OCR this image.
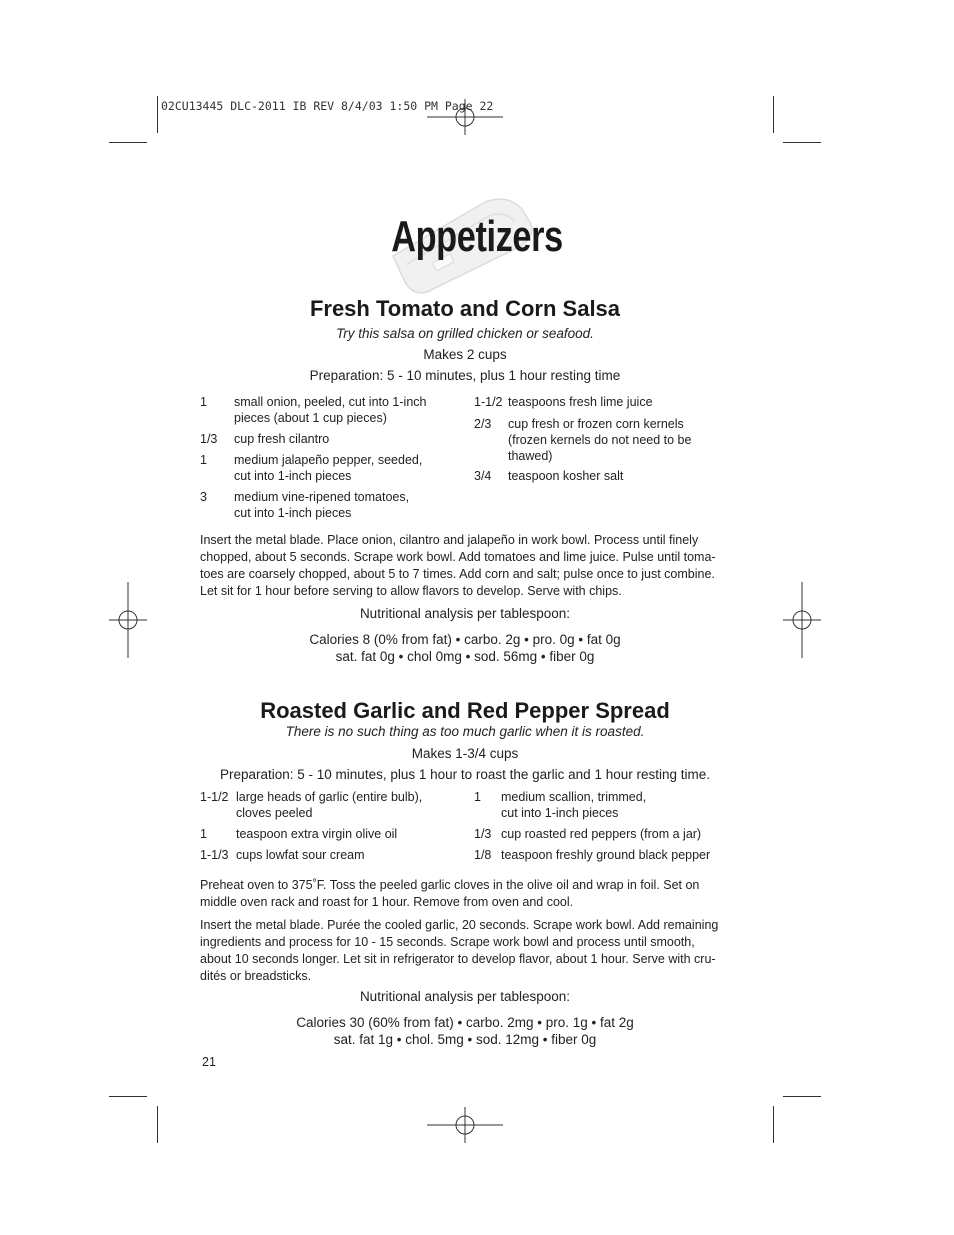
02CU13445 DLC-2011 IB REV 8/4/03 1:50 PM Page 22
Appetizers
Fresh Tomato and Corn Salsa
Try this salsa on grilled chicken or seafood.
Makes 2 cups
Preparation: 5 - 10 minutes, plus 1 hour resting time
1 small onion, peeled, cut into 1-inch
pieces (about 1 cup pieces)
1/3 cup fresh cilantro
1 medium jalapeño pepper, seeded,
cut into 1-inch pieces
3 medium vine-ripened tomatoes,
cut into 1-inch pieces
1-1/2 teaspoons fresh lime juice
2/3 cup fresh or frozen corn kernels
(frozen kernels do not need to be
thawed)
3/4 teaspoon kosher salt
Insert the metal blade. Place onion, cilantro and jalapeño in work bowl. Process until finely
chopped, about 5 seconds. Scrape work bowl. Add tomatoes and lime juice. Pulse until toma-
toes are coarsely chopped, about 5 to 7 times. Add corn and salt; pulse once to just combine.
Let sit for 1 hour before serving to allow flavors to develop. Serve with chips.
Nutritional analysis per tablespoon:
Calories 8 (0% from fat) • carbo. 2g • pro. 0g • fat 0g
sat. fat 0g • chol 0mg • sod. 56mg • fiber 0g
Roasted Garlic and Red Pepper Spread
There is no such thing as too much garlic when it is roasted.
Makes 1-3/4 cups
Preparation: 5 - 10 minutes, plus 1 hour to roast the garlic and 1 hour resting time.
1-1/2 large heads of garlic (entire bulb),
cloves peeled
1 teaspoon extra virgin olive oil
1-1/3 cups lowfat sour cream
1 medium scallion, trimmed,
cut into 1-inch pieces
1/3 cup roasted red peppers (from a jar)
1/8 teaspoon freshly ground black pepper
Preheat oven to 375˚F. Toss the peeled garlic cloves in the olive oil and wrap in foil. Set on
middle oven rack and roast for 1 hour. Remove from oven and cool.
Insert the metal blade. Purée the cooled garlic, 20 seconds. Scrape work bowl. Add remaining
ingredients and process for 10 - 15 seconds. Scrape work bowl and process until smooth,
about 10 seconds longer. Let sit in refrigerator to develop flavor, about 1 hour. Serve with cru-
dités or breadsticks.
Nutritional analysis per tablespoon:
Calories 30 (60% from fat) • carbo. 2mg • pro. 1g • fat 2g
sat. fat 1g • chol. 5mg • sod. 12mg • fiber 0g
21
